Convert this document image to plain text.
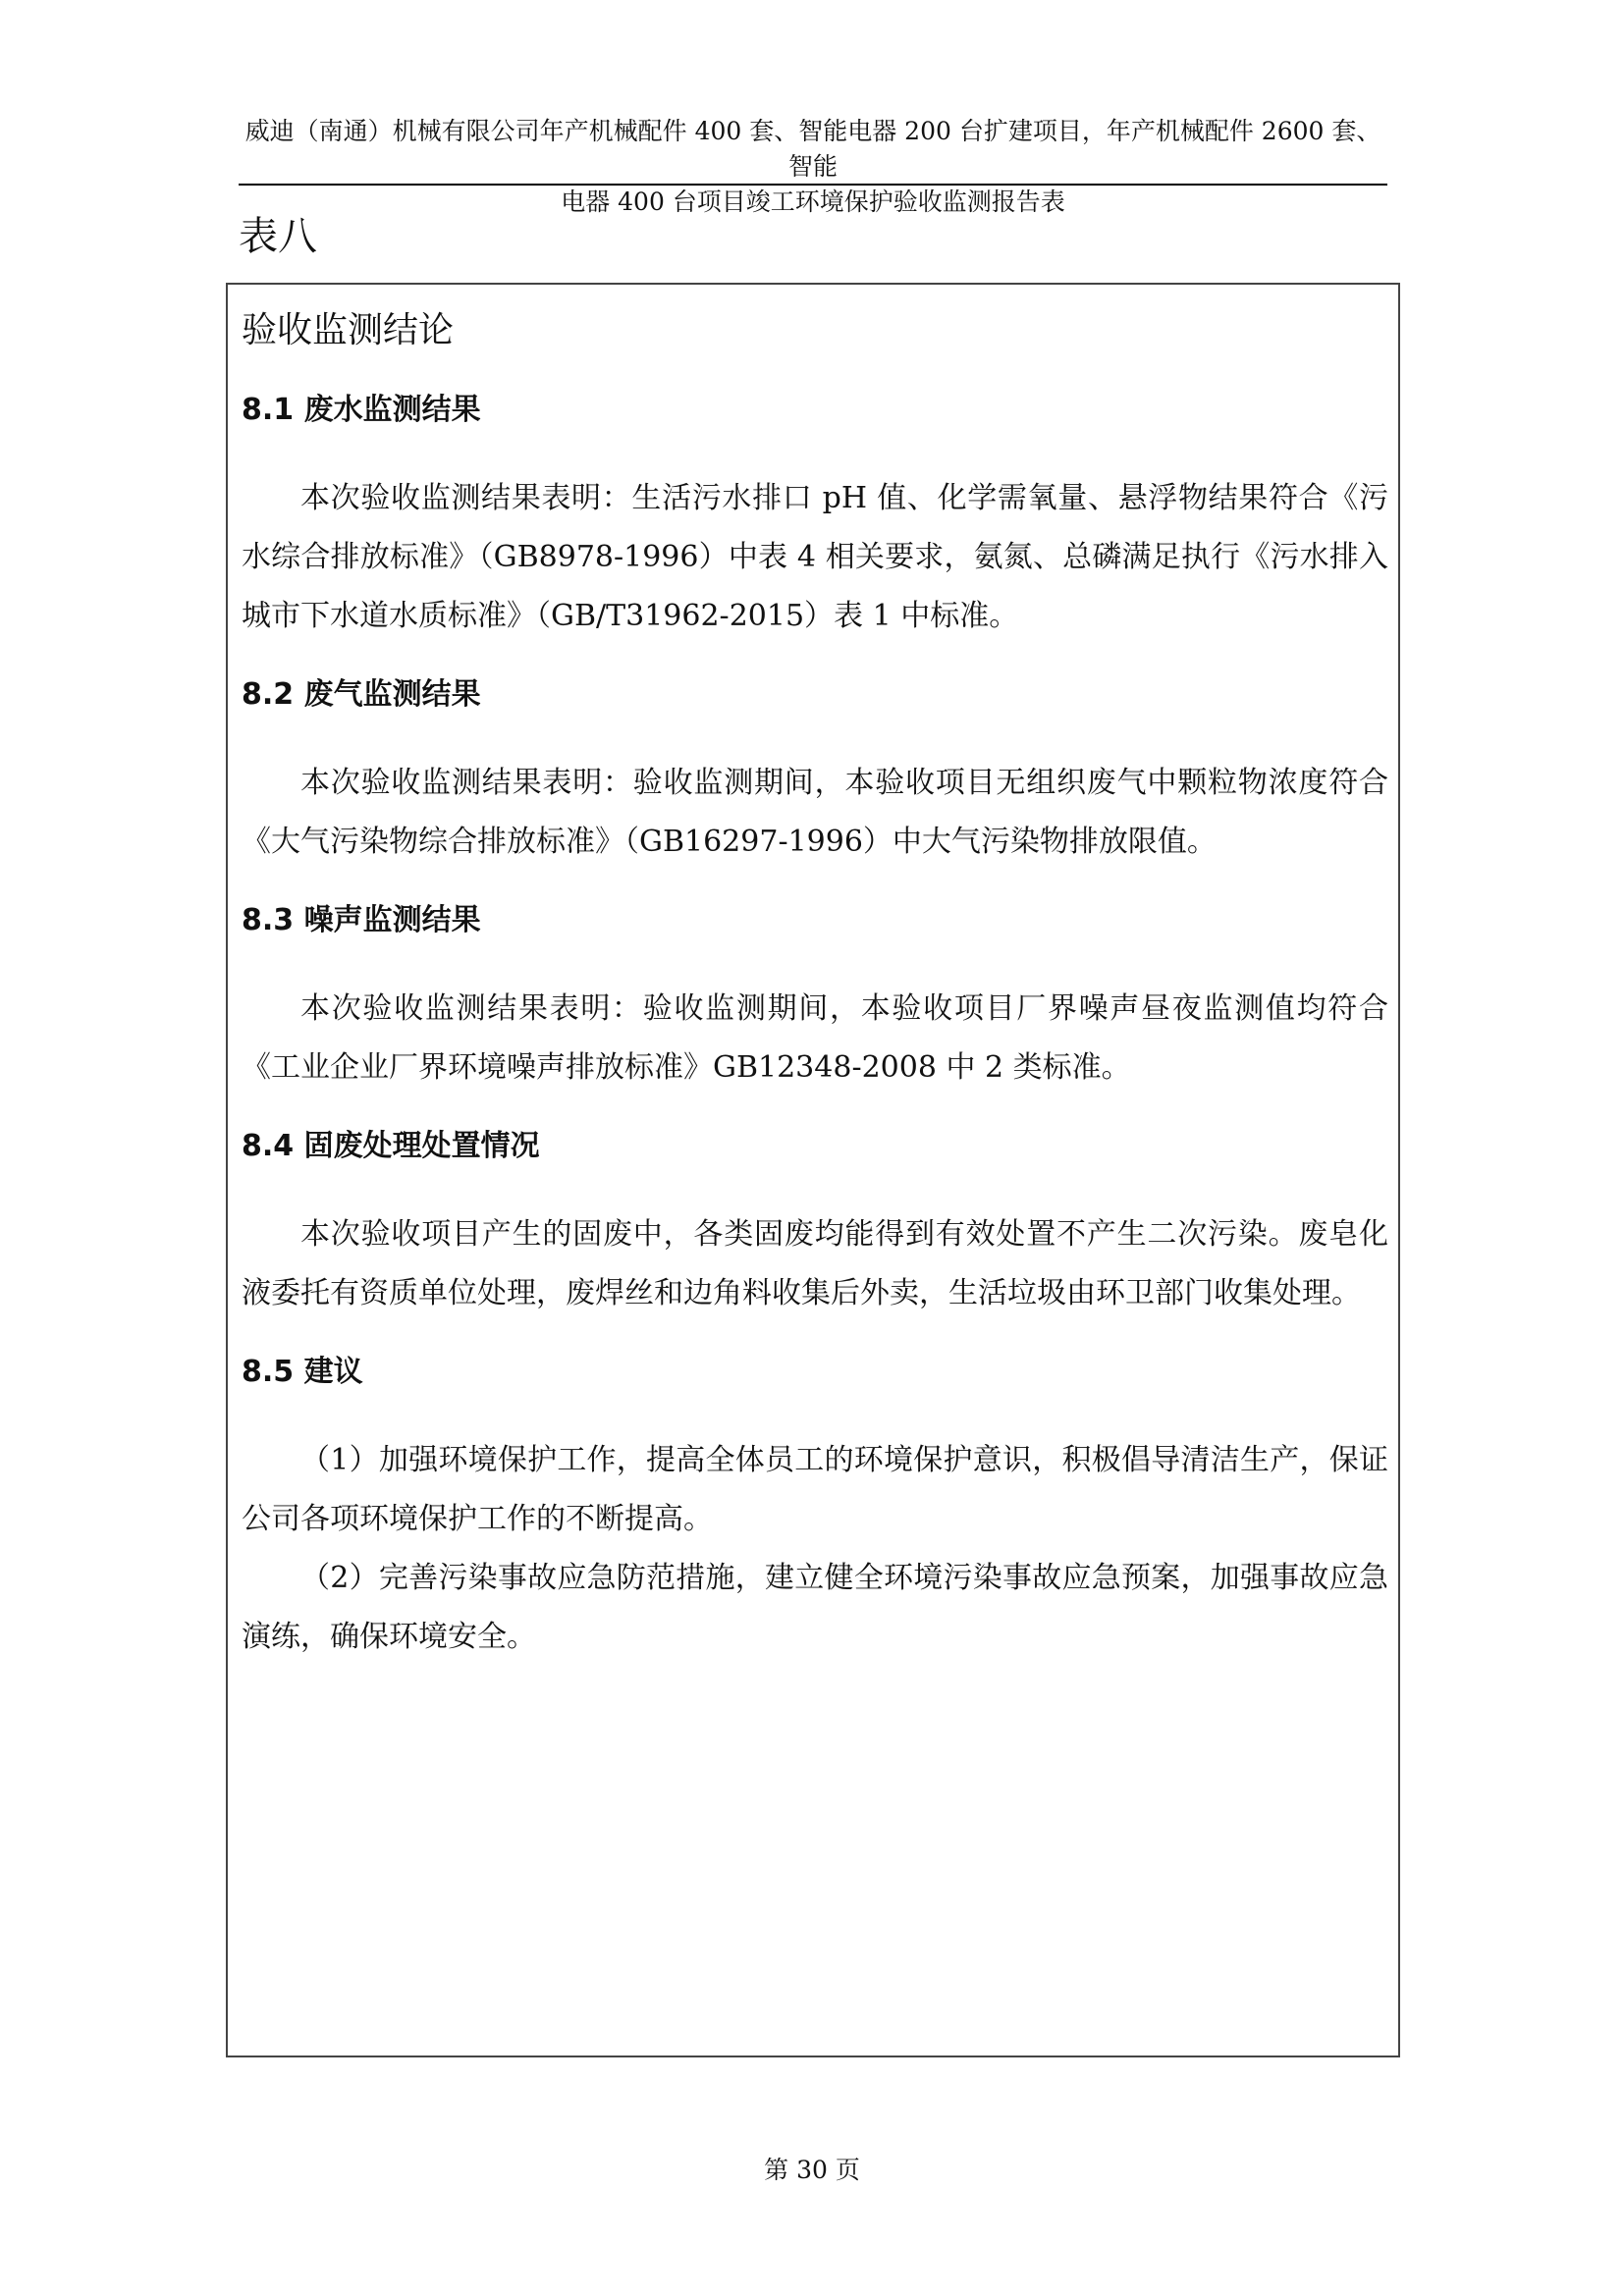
威迪（南通）机械有限公司年产机械配件 400 套、智能电器 200 台扩建项目，年产机械配件 2600 套、智能
电器 400 台项目竣工环境保护验收监测报告表
表八
验收监测结论
8.1 废水监测结果

本次验收监测结果表明：生活污水排口 pH 值、化学需氧量、悬浮物结果符合《污水综合排放标准》（GB8978-1996）中表 4 相关要求，氨氮、总磷满足执行《污水排入城市下水道水质标准》（GB/T31962-2015）表 1 中标准。

8.2 废气监测结果

本次验收监测结果表明：验收监测期间，本验收项目无组织废气中颗粒物浓度符合《大气污染物综合排放标准》（GB16297-1996）中大气污染物排放限值。

8.3 噪声监测结果

本次验收监测结果表明：验收监测期间，本验收项目厂界噪声昼夜监测值均符合《工业企业厂界环境噪声排放标准》GB12348-2008 中 2 类标准。

8.4 固废处理处置情况

本次验收项目产生的固废中，各类固废均能得到有效处置不产生二次污染。废皂化液委托有资质单位处理，废焊丝和边角料收集后外卖，生活垃圾由环卫部门收集处理。

8.5 建议

（1）加强环境保护工作，提高全体员工的环境保护意识，积极倡导清洁生产，保证公司各项环境保护工作的不断提高。

（2）完善污染事故应急防范措施，建立健全环境污染事故应急预案，加强事故应急演练，确保环境安全。

第 30 页
